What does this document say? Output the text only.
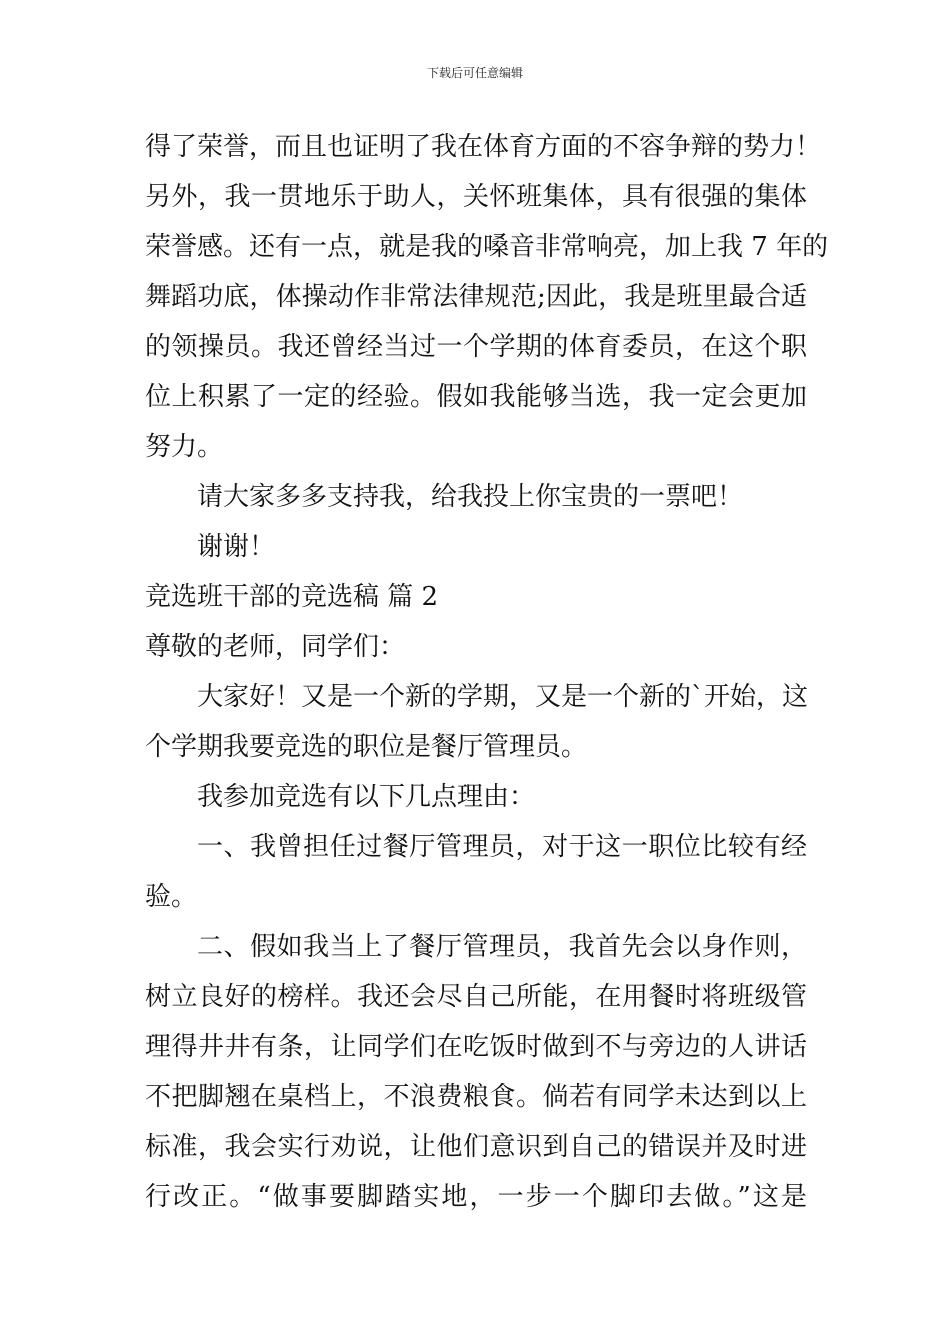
下载后可任意编辑
得了荣誉，而且也证明了我在体育方面的不容争辩的势力！
另外，我一贯地乐于助人，关怀班集体，具有很强的集体
荣誉感。还有一点，就是我的嗓音非常响亮，加上我 7 年的
舞蹈功底，体操动作非常法律规范;因此，我是班里最合适
的领操员。我还曾经当过一个学期的体育委员，在这个职
位上积累了一定的经验。假如我能够当选，我一定会更加
努力。
请大家多多支持我，给我投上你宝贵的一票吧！
谢谢！
竞选班干部的竞选稿 篇 2
尊敬的老师，同学们：
大家好！又是一个新的学期，又是一个新的`开始，这
个学期我要竞选的职位是餐厅管理员。
我参加竞选有以下几点理由：
一、我曾担任过餐厅管理员，对于这一职位比较有经
验。
二、假如我当上了餐厅管理员，我首先会以身作则，
树立良好的榜样。我还会尽自己所能，在用餐时将班级管
理得井井有条，让同学们在吃饭时做到不与旁边的人讲话
不把脚翘在桌档上，不浪费粮食。倘若有同学未达到以上
标准，我会实行劝说，让他们意识到自己的错误并及时进
行改正。“做事要脚踏实地，一步一个脚印去做。”这是
